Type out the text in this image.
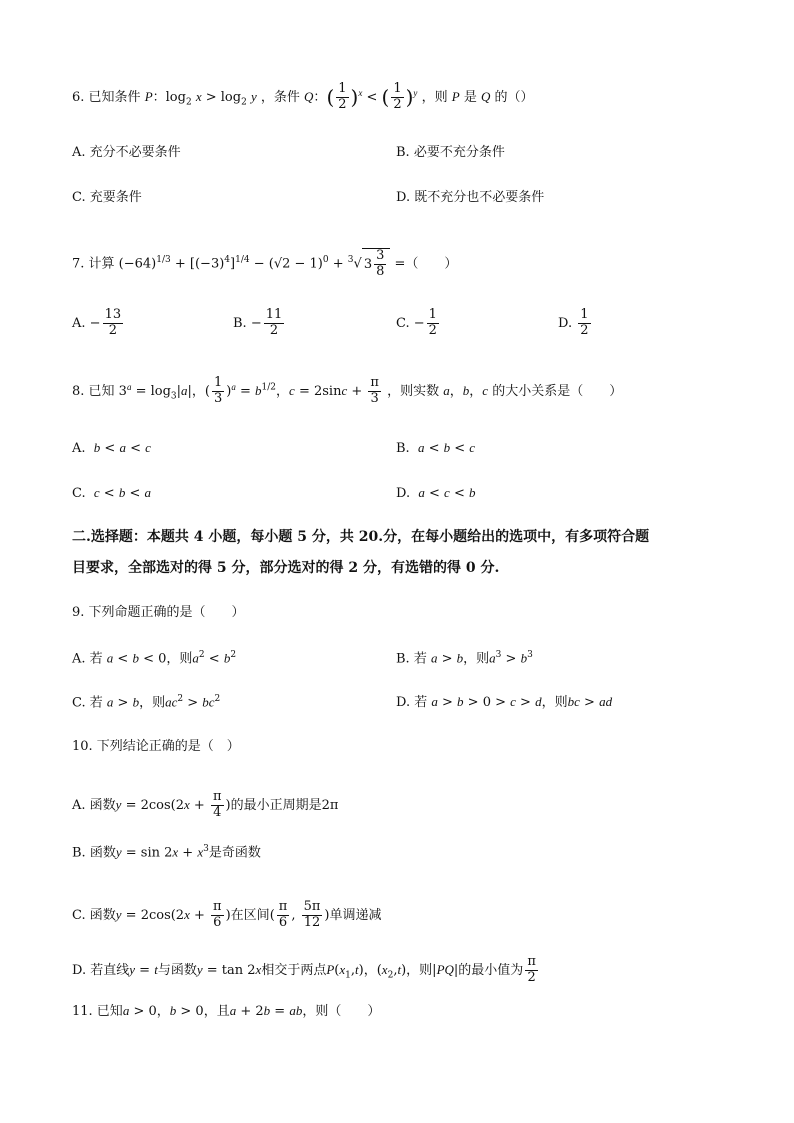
6. 已知条件 P：$\log_2 x > \log_2 y$ ，条件 Q：( $\frac{1}{2} )^x$ < ( $\frac{1}{2} )^y$ ，则 P 是 Q 的（）
A. 充分不必要条件	B. 必要不充分条件
C. 充要条件	D. 既不充分也不必要条件
7. 计算 $(-64)^{1/3} + [(-3)^4]^{1/4} - (√2 - 1)^0 + ^3√$ $3 \frac{3}{8}$ =（　　）
A. − $\frac{13}{2}$	B. − $\frac{11}{2}$	C. − $\frac{1}{2}$	D. $\frac{1}{2}$
8. 已知 $3^a = \log_3|a|$，( $\frac{1}{3} )^a = b^{1/2}$，$c = 2\sin c + \frac{\pi}{3}$ ，则实数 a，b，c 的大小关系是（　　）
A. b < a < c	B. a < b < c
C. c < b < a	D. a < c < b
二.选择题：本题共 4 小题，每小题 5 分，共 20.分，在每小题给出的选项中，有多项符合题
目要求，全部选对的得 5 分，部分选对的得 2 分，有选错的得 0 分.
9. 下列命题正确的是（　　）
A. 若 a < b < 0，则$a^2 < b^2$	B. 若 a > b，则$a^3 > b^3$
C. 若 a > b，则$ac^2 > bc^2$	D. 若 a > b > 0 > c > d，则bc > ad
10. 下列结论正确的是（　）
A. 函数$y = 2\cos(2x + \frac{\pi}{4}$ )的最小正周期是2π
B. 函数$y = \sin 2x + x^3$是奇函数
C. 函数$y = 2\cos(2x + \frac{\pi}{6}$ )在区间( $\frac{\pi}{6}$ , $\frac{5\pi}{12}$ )单调递减
D. 若直线y = t与函数y = tan 2x相交于两点$P(x_1,t)$，$(x_2,t)$，则|PQ|的最小值为 $\frac{\pi}{2}$
11. 已知a > 0，b > 0，且a + 2b = ab，则（　　）
